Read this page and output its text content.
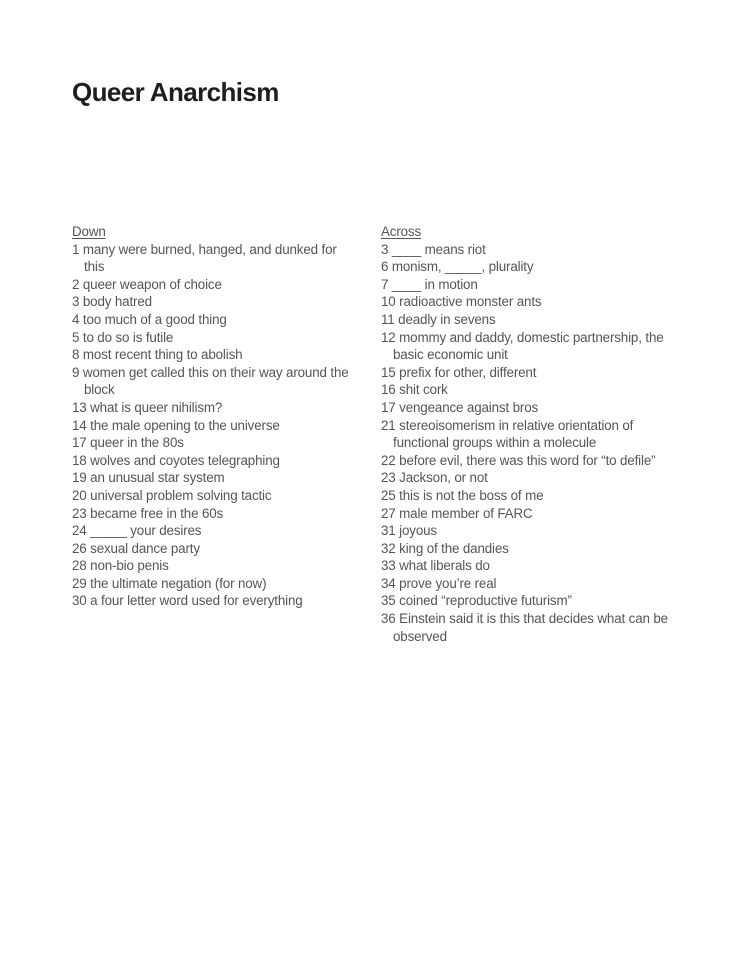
Queer Anarchism
Down
1 many were burned, hanged, and dunked for this
2 queer weapon of choice
3 body hatred
4 too much of a good thing
5 to do so is futile
8 most recent thing to abolish
9 women get called this on their way around the block
13 what is queer nihilism?
14 the male opening to the universe
17 queer in the 80s
18 wolves and coyotes telegraphing
19 an unusual star system
20 universal problem solving tactic
23 became free in the 60s
24 _____ your desires
26 sexual dance party
28 non-bio penis
29 the ultimate negation (for now)
30 a four letter word used for everything
Across
3 ____ means riot
6 monism, _____, plurality
7 ____ in motion
10 radioactive monster ants
11 deadly in sevens
12 mommy and daddy, domestic partnership, the basic economic unit
15 prefix for other, different
16 shit cork
17 vengeance against bros
21 stereoisomerism in relative orientation of functional groups within a molecule
22 before evil, there was this word for “to defile”
23 Jackson, or not
25 this is not the boss of me
27 male member of FARC
31 joyous
32 king of the dandies
33 what liberals do
34 prove you’re real
35 coined “reproductive futurism”
36 Einstein said it is this that decides what can be observed
